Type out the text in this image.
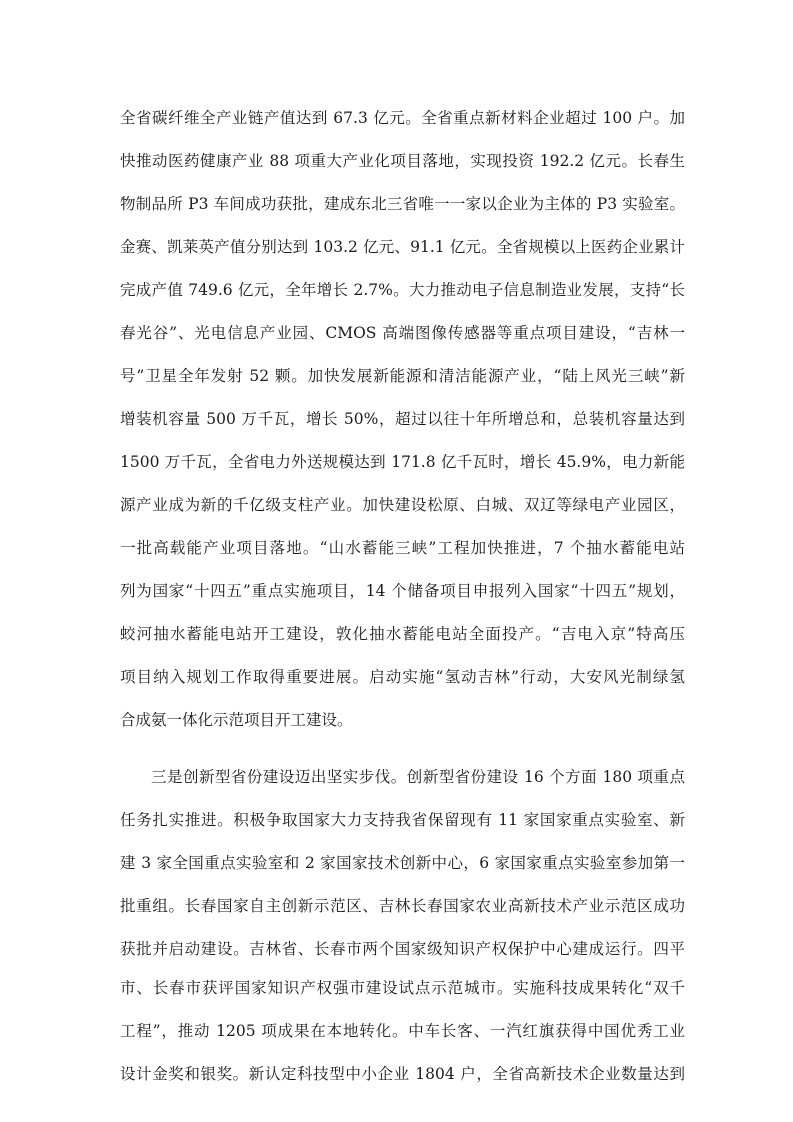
全省碳纤维全产业链产值达到 67.3 亿元。全省重点新材料企业超过 100 户。加
快推动医药健康产业 88 项重大产业化项目落地，实现投资 192.2 亿元。长春生
物制品所 P3 车间成功获批，建成东北三省唯一一家以企业为主体的 P3 实验室。
金赛、凯莱英产值分别达到 103.2 亿元、91.1 亿元。全省规模以上医药企业累计
完成产值 749.6 亿元，全年增长 2.7%。大力推动电子信息制造业发展，支持“长
春光谷”、光电信息产业园、CMOS 高端图像传感器等重点项目建设，“吉林一
号”卫星全年发射 52 颗。加快发展新能源和清洁能源产业，“陆上风光三峡”新
增装机容量 500 万千瓦，增长 50%，超过以往十年所增总和，总装机容量达到
1500 万千瓦，全省电力外送规模达到 171.8 亿千瓦时，增长 45.9%，电力新能
源产业成为新的千亿级支柱产业。加快建设松原、白城、双辽等绿电产业园区，
一批高载能产业项目落地。“山水蓄能三峡”工程加快推进，7 个抽水蓄能电站
列为国家“十四五”重点实施项目，14 个储备项目申报列入国家“十四五”规划，
蛟河抽水蓄能电站开工建设，敦化抽水蓄能电站全面投产。“吉电入京”特高压
项目纳入规划工作取得重要进展。启动实施“氢动吉林”行动，大安风光制绿氢
合成氨一体化示范项目开工建设。
三是创新型省份建设迈出坚实步伐。创新型省份建设 16 个方面 180 项重点
任务扎实推进。积极争取国家大力支持我省保留现有 11 家国家重点实验室、新
建 3 家全国重点实验室和 2 家国家技术创新中心，6 家国家重点实验室参加第一
批重组。长春国家自主创新示范区、吉林长春国家农业高新技术产业示范区成功
获批并启动建设。吉林省、长春市两个国家级知识产权保护中心建成运行。四平
市、长春市获评国家知识产权强市建设试点示范城市。实施科技成果转化“双千
工程”，推动 1205 项成果在本地转化。中车长客、一汽红旗获得中国优秀工业
设计金奖和银奖。新认定科技型中小企业 1804 户，全省高新技术企业数量达到
